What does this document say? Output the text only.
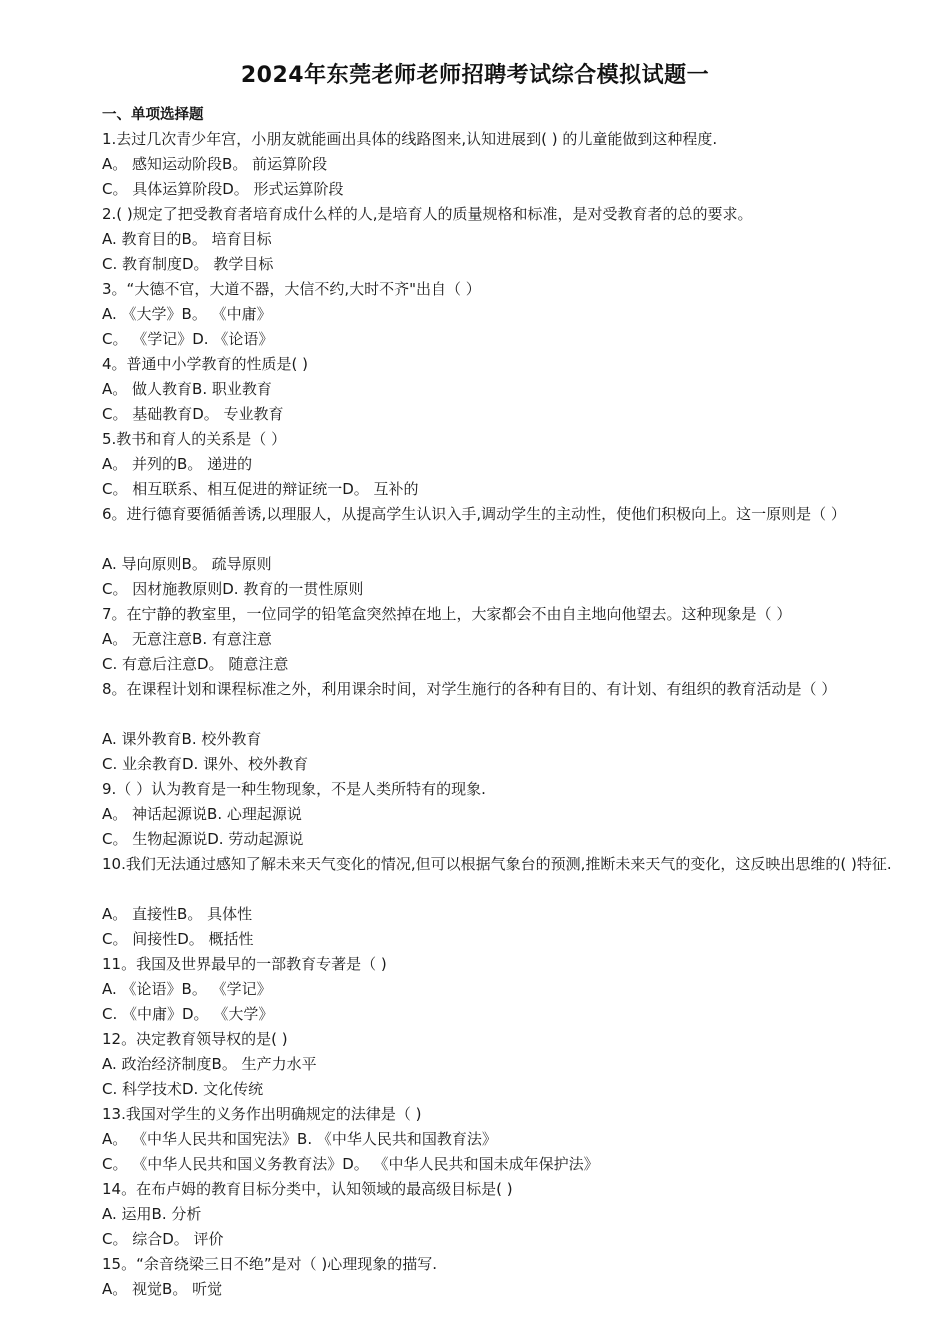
2024年东莞老师老师招聘考试综合模拟试题一
一、单项选择题
1.去过几次青少年宫，小朋友就能画出具体的线路图来,认知进展到( ) 的儿童能做到这种程度.
A。 感知运动阶段B。 前运算阶段
C。 具体运算阶段D。 形式运算阶段
2.( )规定了把受教育者培育成什么样的人,是培育人的质量规格和标准，是对受教育者的总的要求。
A. 教育目的B。 培育目标
C. 教育制度D。 教学目标
3。“大德不官，大道不器，大信不约,大时不齐"出自（ ）
A. 《大学》B。 《中庸》
C。 《学记》D. 《论语》
4。普通中小学教育的性质是( )
A。 做人教育B. 职业教育
C。 基础教育D。 专业教育
5.教书和育人的关系是（ ）
A。 并列的B。 递进的
C。 相互联系、相互促进的辩证统一D。 互补的
6。进行德育要循循善诱,以理服人，从提高学生认识入手,调动学生的主动性，使他们积极向上。这一原则是（ ）
A. 导向原则B。 疏导原则
C。 因材施教原则D. 教育的一贯性原则
7。在宁静的教室里，一位同学的铅笔盒突然掉在地上，大家都会不由自主地向他望去。这种现象是（ ）
A。 无意注意B. 有意注意
C. 有意后注意D。 随意注意
8。在课程计划和课程标准之外，利用课余时间，对学生施行的各种有目的、有计划、有组织的教育活动是（ ）
A. 课外教育B. 校外教育
C. 业余教育D. 课外、校外教育
9.（ ）认为教育是一种生物现象，不是人类所特有的现象.
A。 神话起源说B. 心理起源说
C。 生物起源说D. 劳动起源说
10.我们无法通过感知了解未来天气变化的情况,但可以根据气象台的预测,推断未来天气的变化，这反映出思维的( )特征.
A。 直接性B。 具体性
C。 间接性D。 概括性
11。我国及世界最早的一部教育专著是（ )
A. 《论语》B。 《学记》
C. 《中庸》D。 《大学》
12。决定教育领导权的是( )
A. 政治经济制度B。 生产力水平
C. 科学技术D. 文化传统
13.我国对学生的义务作出明确规定的法律是（ )
A。 《中华人民共和国宪法》B. 《中华人民共和国教育法》
C。 《中华人民共和国义务教育法》D。 《中华人民共和国未成年保护法》
14。在布卢姆的教育目标分类中，认知领域的最高级目标是( )
A. 运用B. 分析
C。 综合D。 评价
15。“余音绕梁三日不绝”是对（ )心理现象的描写.
A。 视觉B。 听觉
